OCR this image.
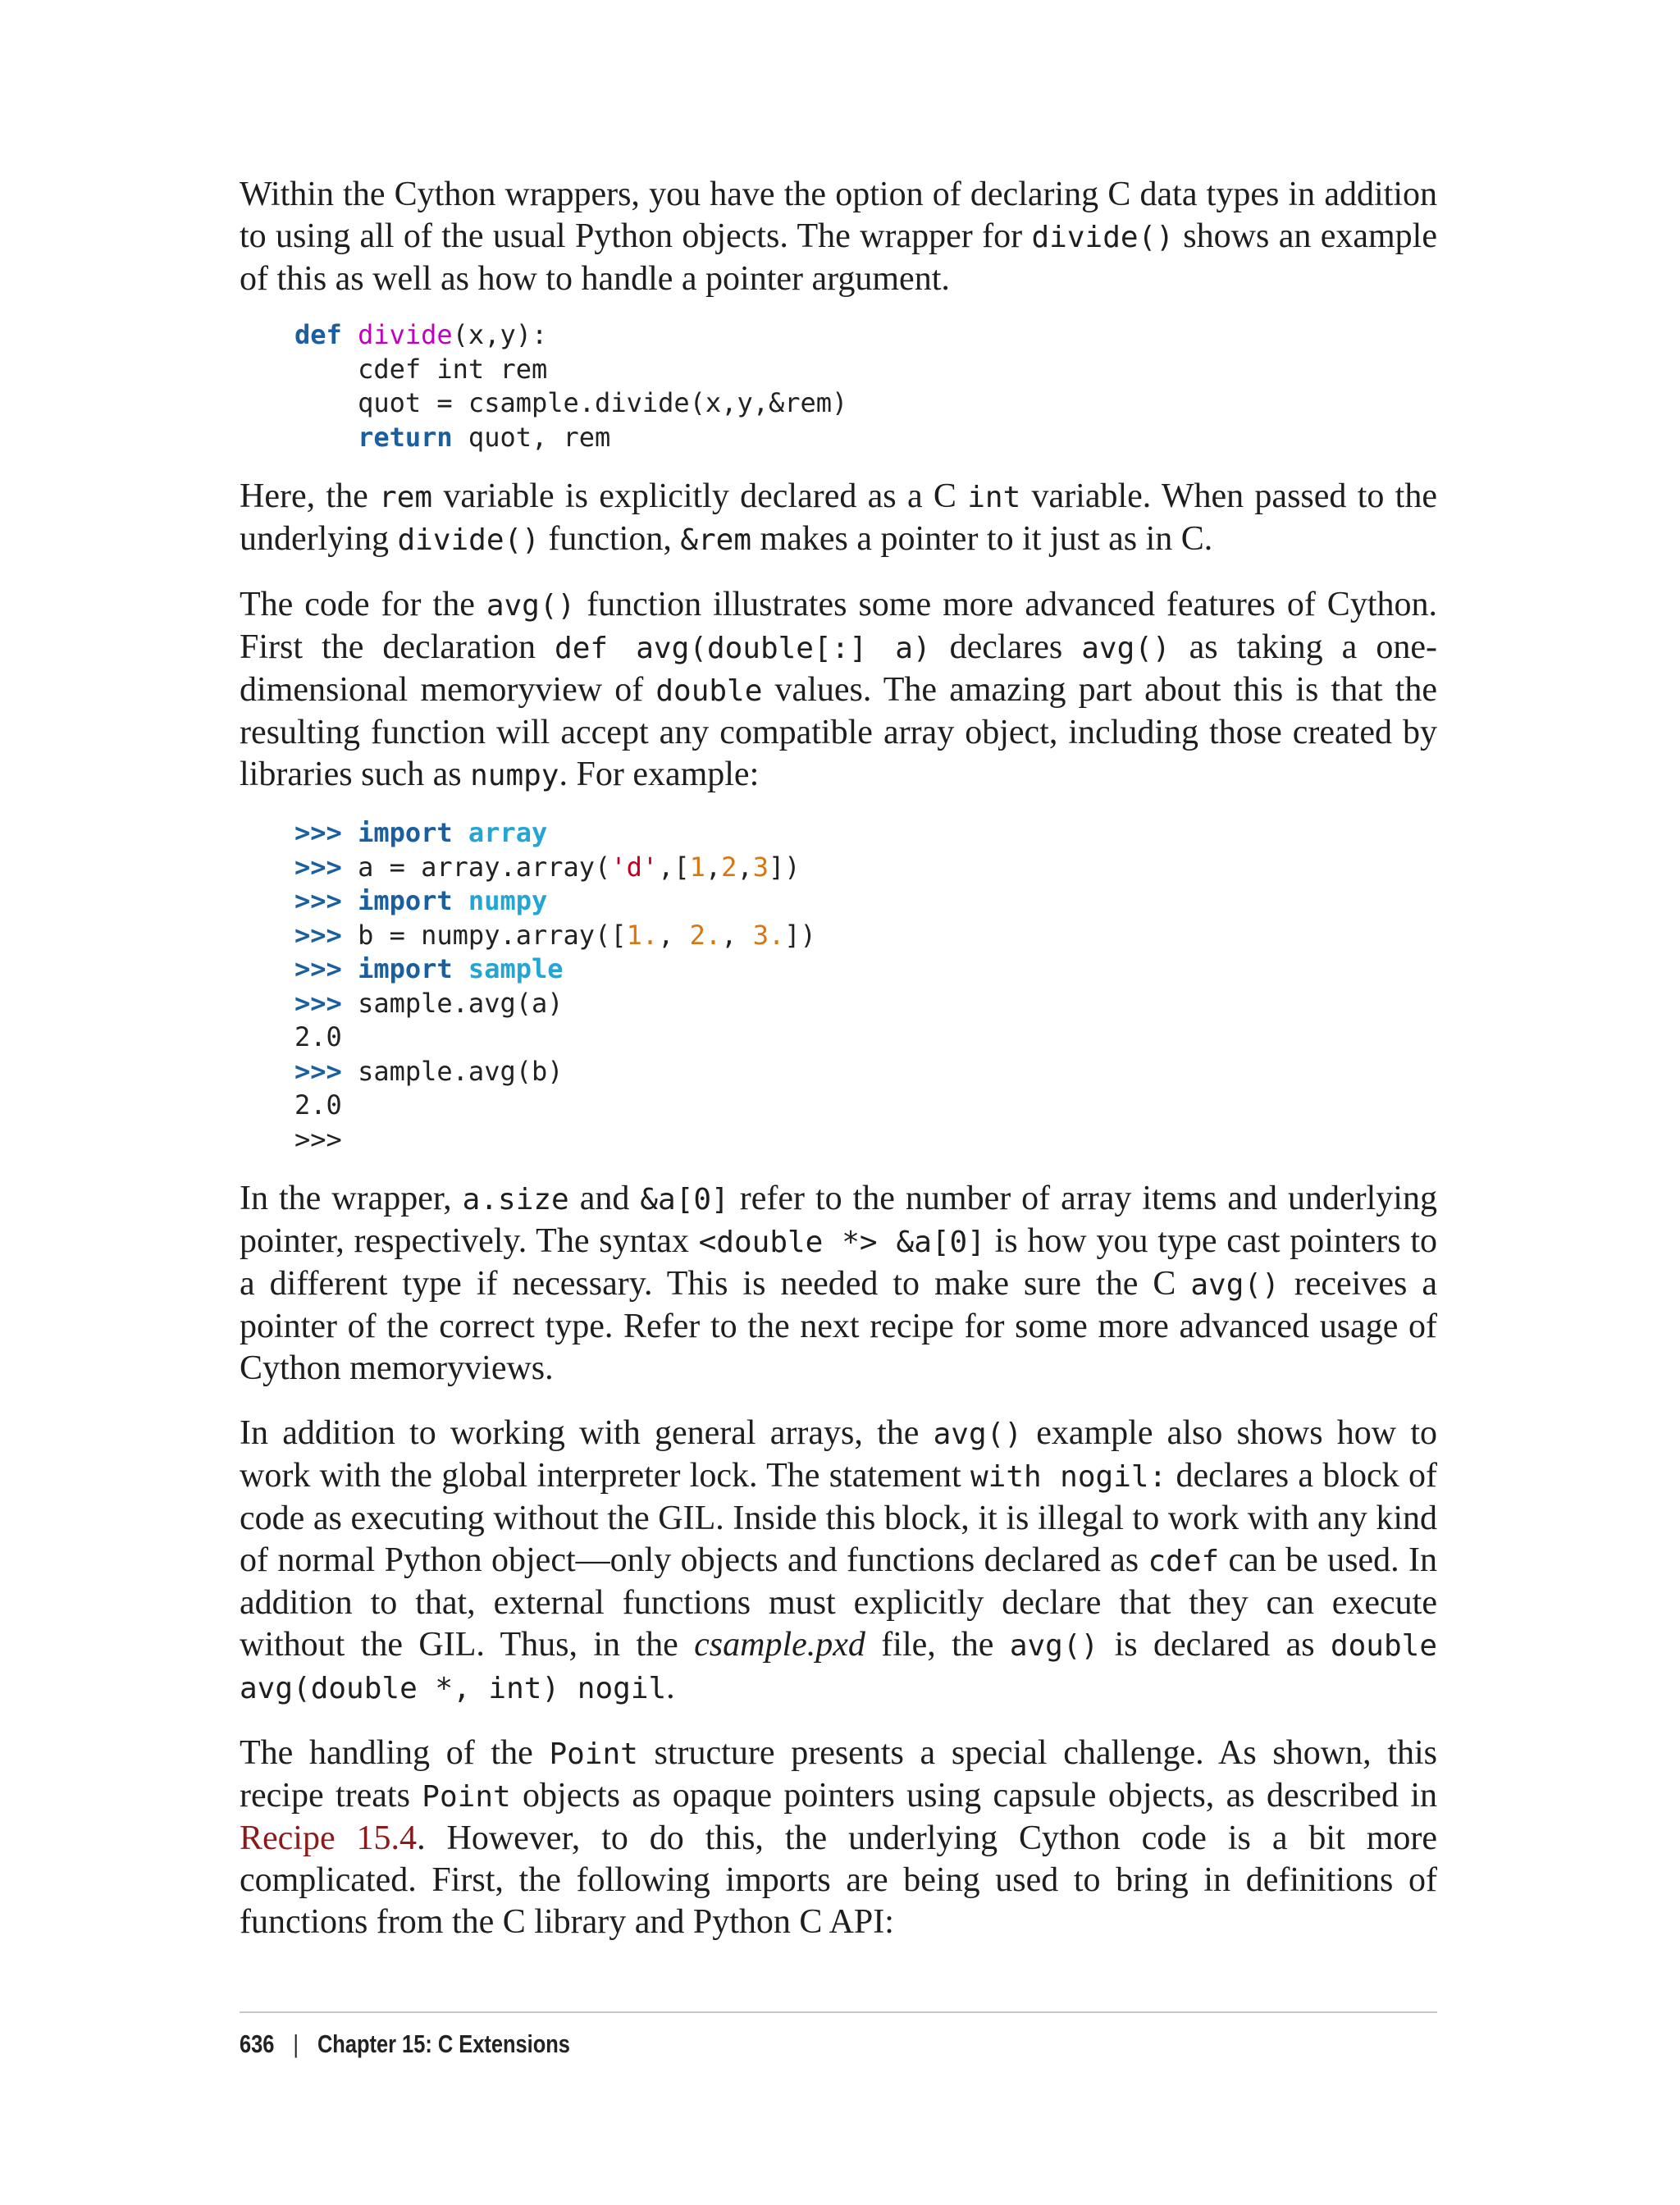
Within the Cython wrappers, you have the option of declaring C data types in addition to using all of the usual Python objects. The wrapper for divide() shows an example of this as well as how to handle a pointer argument.

def divide(x,y):
cdef int rem
quot = csample.divide(x,y,&rem)
return quot, rem

Here, the rem variable is explicitly declared as a C int variable. When passed to the underlying divide() function, &rem makes a pointer to it just as in C.

The code for the avg() function illustrates some more advanced features of Cython. First the declaration def avg(double[:] a) declares avg() as taking a one-dimensional memoryview of double values. The amazing part about this is that the resulting function will accept any compatible array object, including those created by libraries such as numpy. For example:

>>> import array
>>> a = array.array('d',[1,2,3])
>>> import numpy
>>> b = numpy.array([1., 2., 3.])
>>> import sample
>>> sample.avg(a)
2.0
>>> sample.avg(b)
2.0
>>>

In the wrapper, a.size and &a[0] refer to the number of array items and underlying pointer, respectively. The syntax <double *> &a[0] is how you type cast pointers to a different type if necessary. This is needed to make sure the C avg() receives a pointer of the correct type. Refer to the next recipe for some more advanced usage of Cython memoryviews.

In addition to working with general arrays, the avg() example also shows how to work with the global interpreter lock. The statement with nogil: declares a block of code as executing without the GIL. Inside this block, it is illegal to work with any kind of normal Python object—only objects and functions declared as cdef can be used. In addition to that, external functions must explicitly declare that they can execute without the GIL. Thus, in the csample.pxd file, the avg() is declared as double avg(double *, int) nogil.

The handling of the Point structure presents a special challenge. As shown, this recipe treats Point objects as opaque pointers using capsule objects, as described in Recipe 15.4. However, to do this, the underlying Cython code is a bit more complicated. First, the following imports are being used to bring in definitions of functions from the C library and Python C API:

636 | Chapter 15: C Extensions
